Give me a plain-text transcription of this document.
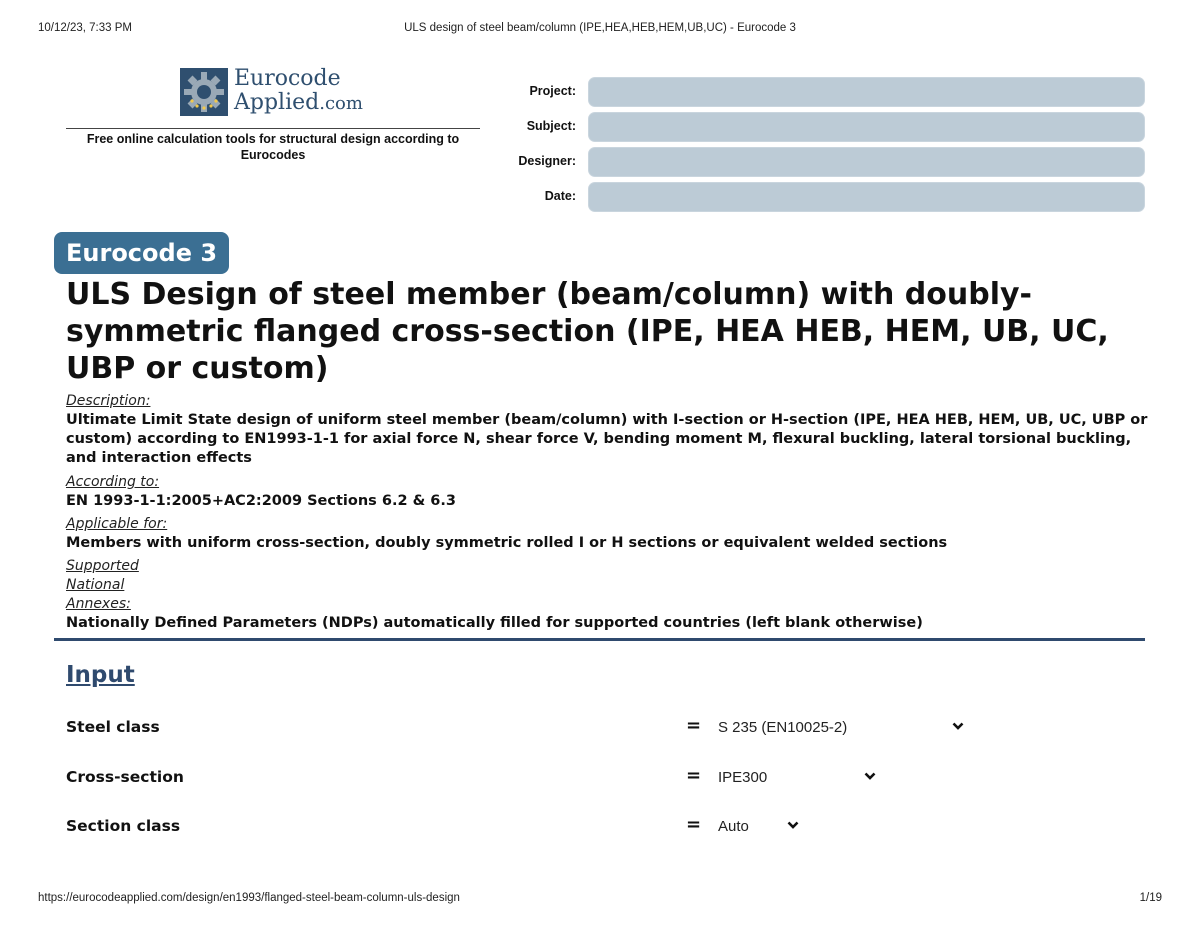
10/12/23, 7:33 PM	ULS design of steel beam/column (IPE,HEA,HEB,HEM,UB,UC) - Eurocode 3
Eurocode
Applied.com
Free online calculation tools for structural design according to Eurocodes
Project:
Subject:
Designer:
Date:
Eurocode 3
ULS Design of steel member (beam/column) with doubly-symmetric flanged cross-section (IPE, HEA HEB, HEM, UB, UC, UBP or custom)
Description:
Ultimate Limit State design of uniform steel member (beam/column) with I-section or H-section (IPE, HEA HEB, HEM, UB, UC, UBP or custom) according to EN1993-1-1 for axial force N, shear force V, bending moment M, flexural buckling, lateral torsional buckling, and interaction effects
According to:
EN 1993-1-1:2005+AC2:2009 Sections 6.2 & 6.3
Applicable for:
Members with uniform cross-section, doubly symmetric rolled I or H sections or equivalent welded sections
Supported
National
Annexes:
Nationally Defined Parameters (NDPs) automatically filled for supported countries (left blank otherwise)
Input
Steel class	= S 235 (EN10025-2)
Cross-section	= IPE300
Section class	= Auto
https://eurocodeapplied.com/design/en1993/flanged-steel-beam-column-uls-design	1/19
